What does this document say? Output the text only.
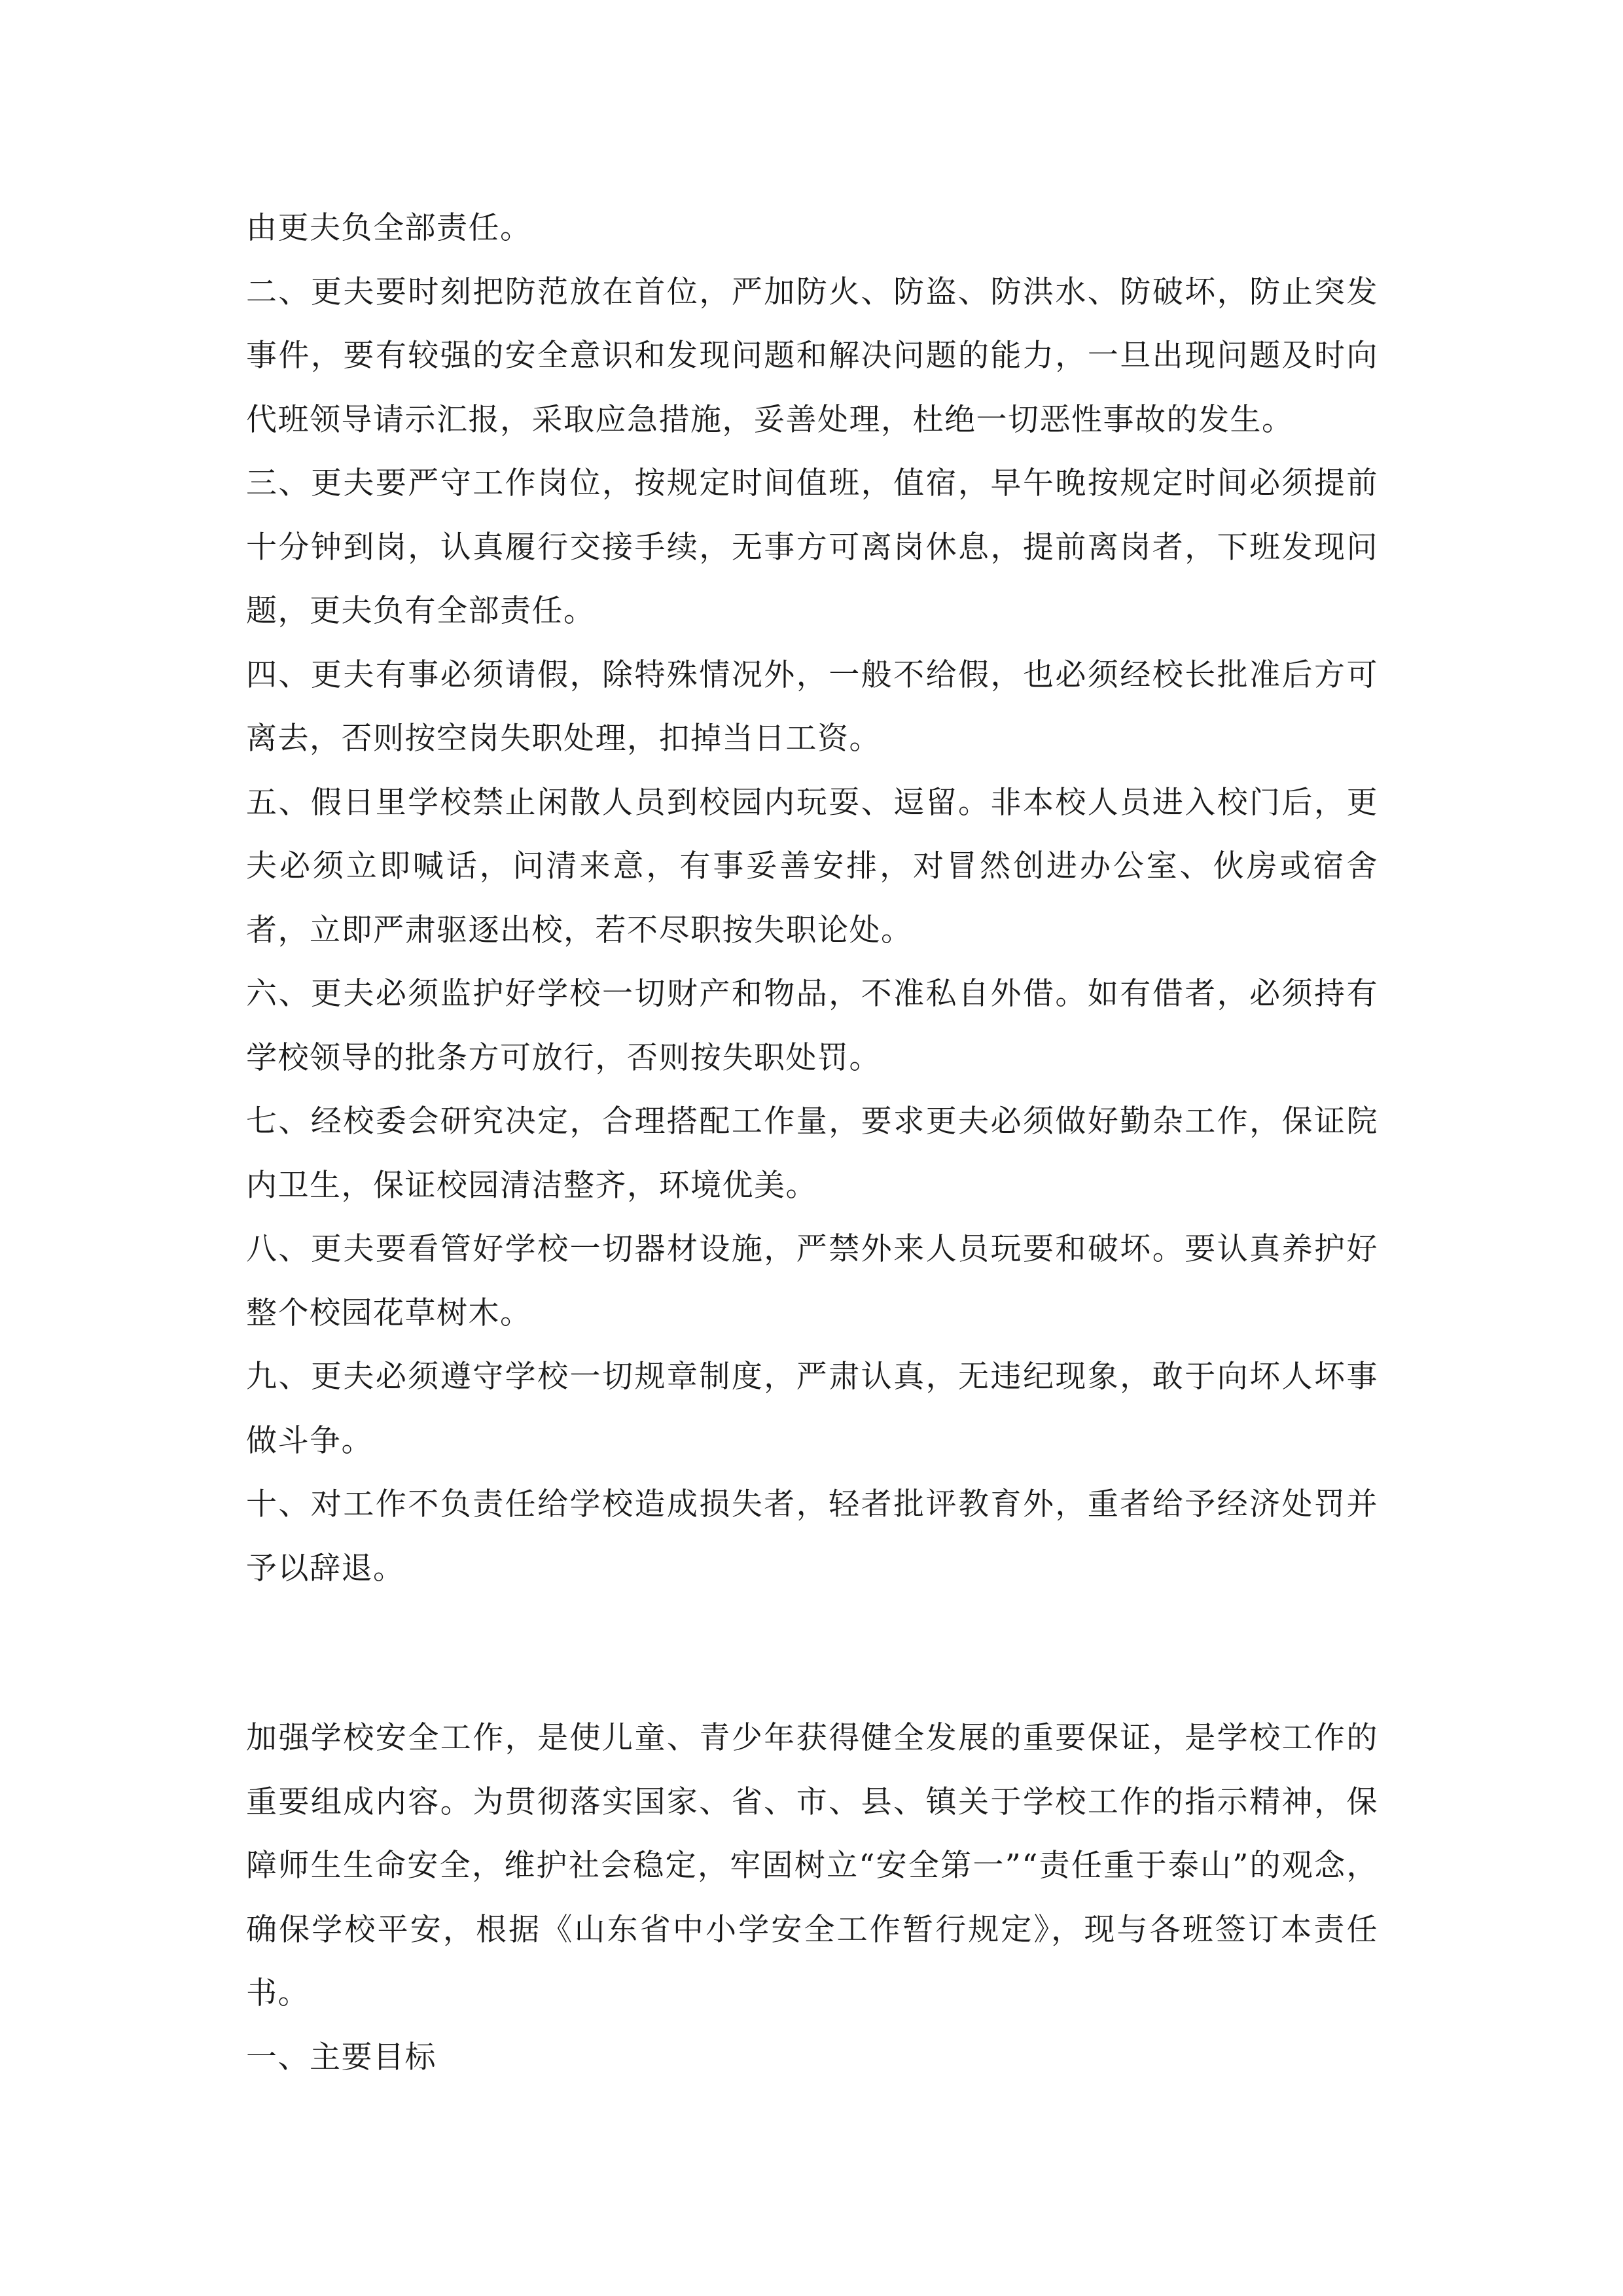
由更夫负全部责任。

二、更夫要时刻把防范放在首位，严加防火、防盗、防洪水、防破坏，防止突发事件，要有较强的安全意识和发现问题和解决问题的能力，一旦出现问题及时向代班领导请示汇报，采取应急措施，妥善处理，杜绝一切恶性事故的发生。

三、更夫要严守工作岗位，按规定时间值班，值宿，早午晚按规定时间必须提前十分钟到岗，认真履行交接手续，无事方可离岗休息，提前离岗者，下班发现问题，更夫负有全部责任。

四、更夫有事必须请假，除特殊情况外，一般不给假，也必须经校长批准后方可离去，否则按空岗失职处理，扣掉当日工资。

五、假日里学校禁止闲散人员到校园内玩耍、逗留。非本校人员进入校门后，更夫必须立即喊话，问清来意，有事妥善安排，对冒然创进办公室、伙房或宿舍者，立即严肃驱逐出校，若不尽职按失职论处。

六、更夫必须监护好学校一切财产和物品，不准私自外借。如有借者，必须持有学校领导的批条方可放行，否则按失职处罚。

七、经校委会研究决定，合理搭配工作量，要求更夫必须做好勤杂工作，保证院内卫生，保证校园清洁整齐，环境优美。

八、更夫要看管好学校一切器材设施，严禁外来人员玩要和破坏。要认真养护好整个校园花草树木。

九、更夫必须遵守学校一切规章制度，严肃认真，无违纪现象，敢于向坏人坏事做斗争。

十、对工作不负责任给学校造成损失者，轻者批评教育外，重者给予经济处罚并予以辞退。

加强学校安全工作，是使儿童、青少年获得健全发展的重要保证，是学校工作的重要组成内容。为贯彻落实国家、省、市、县、镇关于学校工作的指示精神，保障师生生命安全，维护社会稳定，牢固树立“安全第一”“责任重于泰山”的观念，确保学校平安，根据《山东省中小学安全工作暂行规定》，现与各班签订本责任书。

一、主要目标
